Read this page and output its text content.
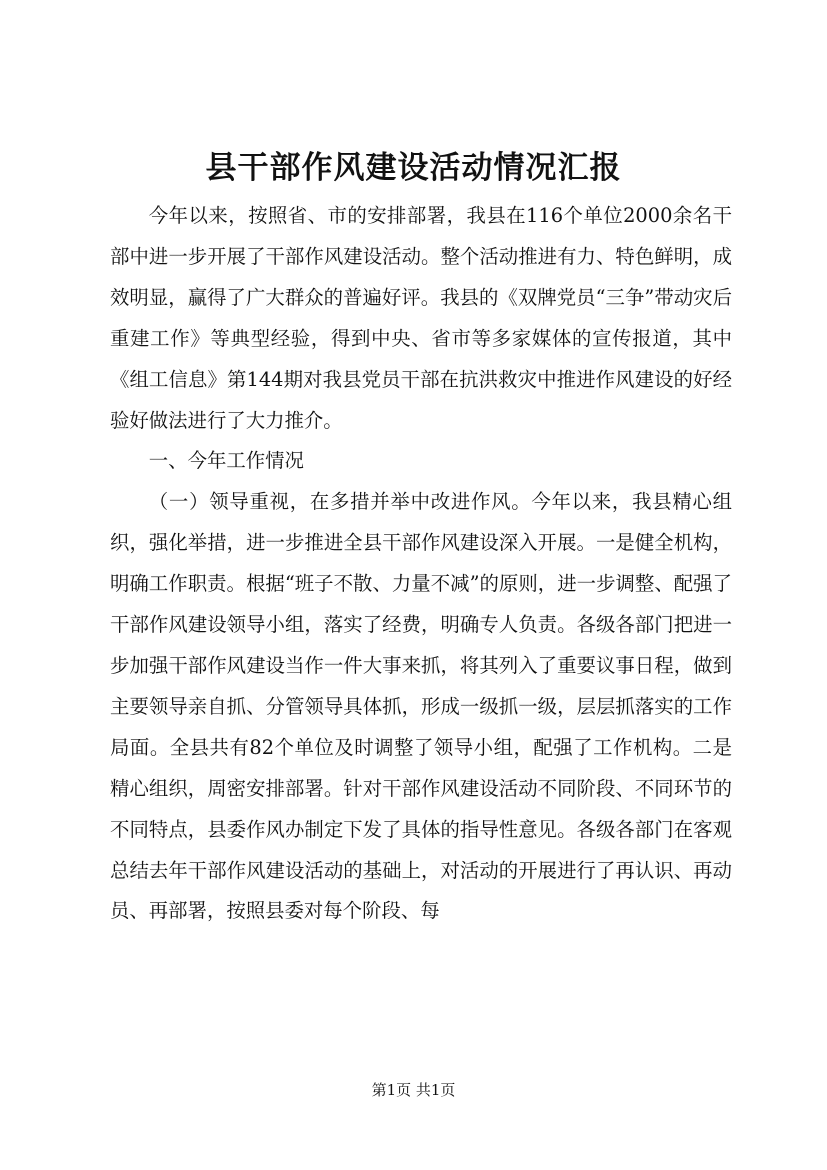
县干部作风建设活动情况汇报

今年以来，按照省、市的安排部署，我县在116个单位2000余名干部中进一步开展了干部作风建设活动。整个活动推进有力、特色鲜明，成效明显，赢得了广大群众的普遍好评。我县的《双牌党员“三争”带动灾后重建工作》等典型经验，得到中央、省市等多家媒体的宣传报道，其中《组工信息》第144期对我县党员干部在抗洪救灾中推进作风建设的好经验好做法进行了大力推介。

一、今年工作情况

（一）领导重视，在多措并举中改进作风。今年以来，我县精心组织，强化举措，进一步推进全县干部作风建设深入开展。一是健全机构，明确工作职责。根据“班子不散、力量不减”的原则，进一步调整、配强了干部作风建设领导小组，落实了经费，明确专人负责。各级各部门把进一步加强干部作风建设当作一件大事来抓，将其列入了重要议事日程，做到主要领导亲自抓、分管领导具体抓，形成一级抓一级，层层抓落实的工作局面。全县共有82个单位及时调整了领导小组，配强了工作机构。二是精心组织，周密安排部署。针对干部作风建设活动不同阶段、不同环节的不同特点，县委作风办制定下发了具体的指导性意见。各级各部门在客观总结去年干部作风建设活动的基础上，对活动的开展进行了再认识、再动员、再部署，按照县委对每个阶段、每

第1页 共1页
